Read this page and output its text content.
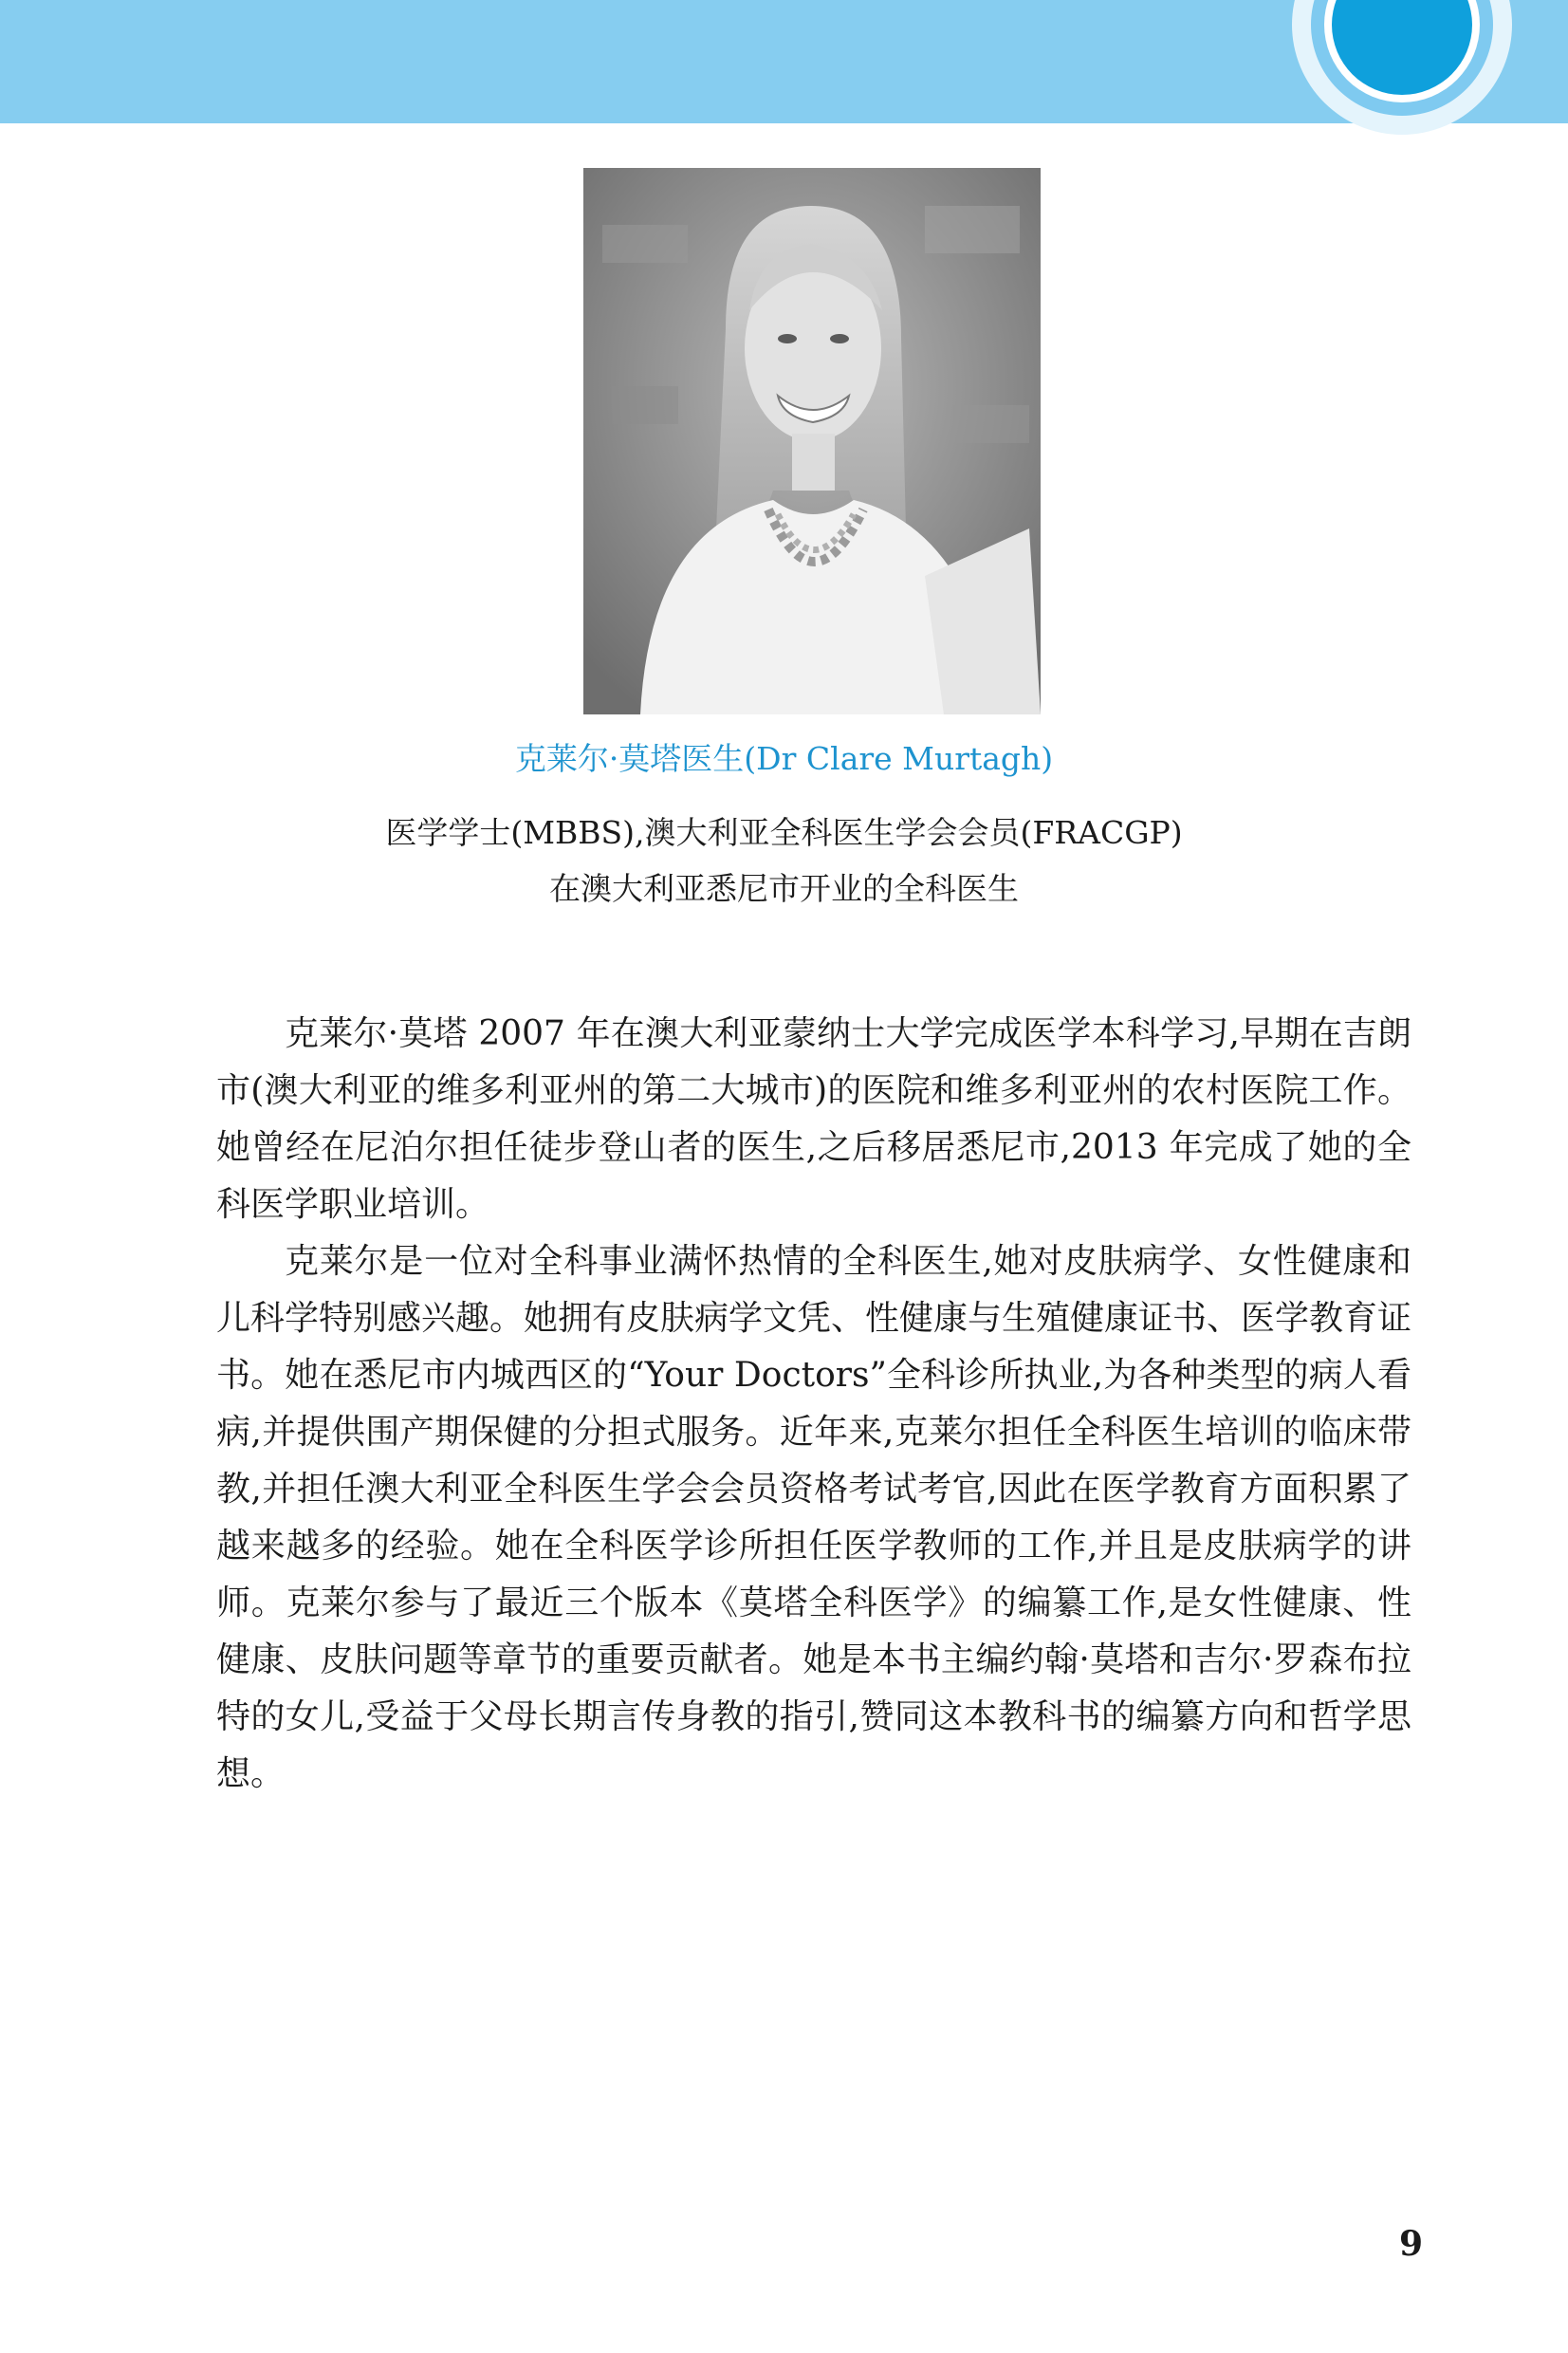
克莱尔·莫塔医生(Dr Clare Murtagh)
医学学士(MBBS),澳大利亚全科医生学会会员(FRACGP)
在澳大利亚悉尼市开业的全科医生

克莱尔·莫塔 2007 年在澳大利亚蒙纳士大学完成医学本科学习,早期在吉朗市(澳大利亚的维多利亚州的第二大城市)的医院和维多利亚州的农村医院工作。她曾经在尼泊尔担任徒步登山者的医生,之后移居悉尼市,2013 年完成了她的全科医学职业培训。

克莱尔是一位对全科事业满怀热情的全科医生,她对皮肤病学、女性健康和儿科学特别感兴趣。她拥有皮肤病学文凭、性健康与生殖健康证书、医学教育证书。她在悉尼市内城西区的“Your Doctors”全科诊所执业,为各种类型的病人看病,并提供围产期保健的分担式服务。近年来,克莱尔担任全科医生培训的临床带教,并担任澳大利亚全科医生学会会员资格考试考官,因此在医学教育方面积累了越来越多的经验。她在全科医学诊所担任医学教师的工作,并且是皮肤病学的讲师。克莱尔参与了最近三个版本《莫塔全科医学》的编纂工作,是女性健康、性健康、皮肤问题等章节的重要贡献者。她是本书主编约翰·莫塔和吉尔·罗森布拉特的女儿,受益于父母长期言传身教的指引,赞同这本教科书的编纂方向和哲学思想。

9
